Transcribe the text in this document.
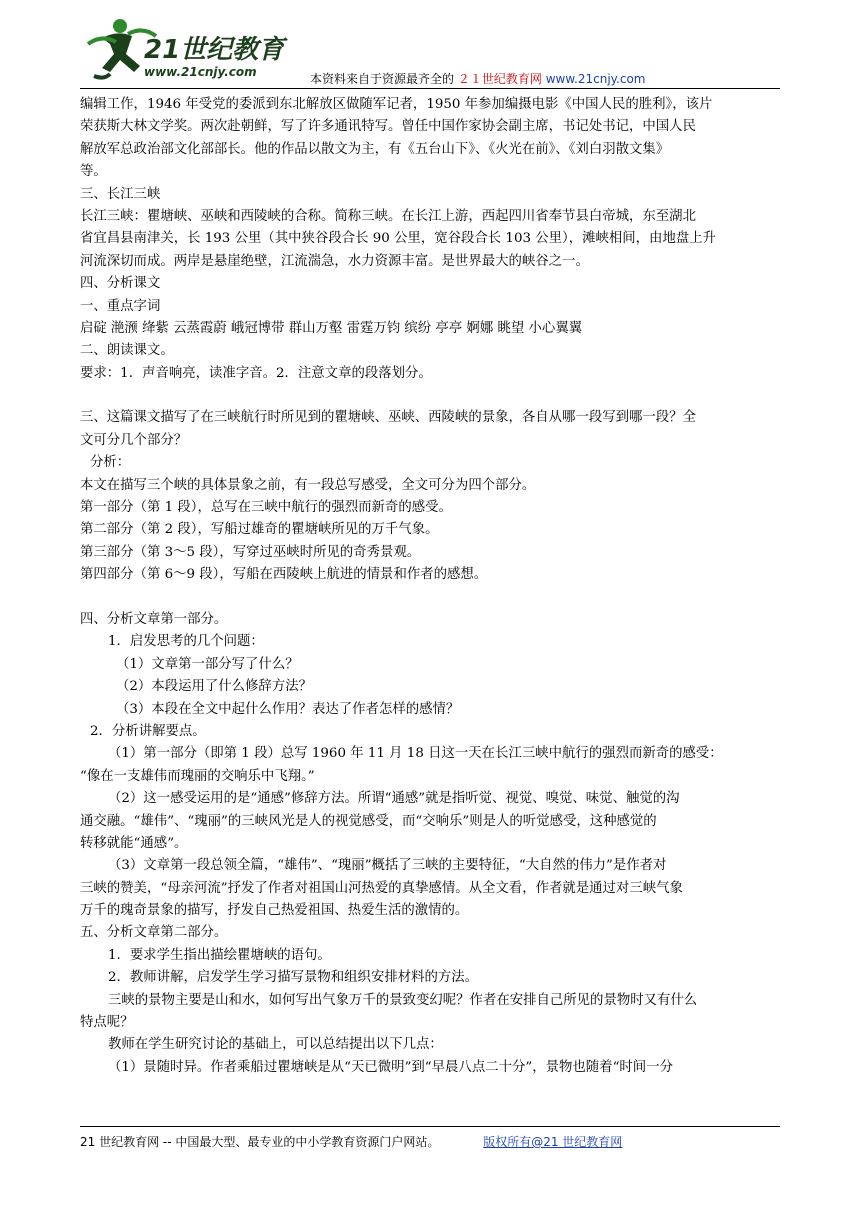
21世纪教育
www.21cnjy.com	本资料来自于资源最齐全的 ２１世纪教育网 www.21cnjy.com
编辑工作，1946 年受党的委派到东北解放区做随军记者，1950 年参加编摄电影《中国人民的胜利》，该片
荣获斯大林文学奖。两次赴朝鲜，写了许多通讯特写。曾任中国作家协会副主席，书记处书记，中国人民
解放军总政治部文化部部长。他的作品以散文为主，有《五台山下》、《火光在前》、《刘白羽散文集》
等。
三、长江三峡
长江三峡：瞿塘峡、巫峡和西陵峡的合称。简称三峡。在长江上游，西起四川省奉节县白帝城，东至湖北
省宜昌县南津关，长 193 公里（其中狭谷段合长 90 公里，宽谷段合长 103 公里），滩峡相间，由地盘上升
河流深切而成。两岸是悬崖绝壁，江流湍急，水力资源丰富。是世界最大的峡谷之一。
四、分析课文
一、重点字词
启碇 滟滪 绛紫 云蒸霞蔚 峨冠博带 群山万壑 雷霆万钧 缤纷 亭亭 婀娜 眺望 小心翼翼
二、朗读课文。
要求：1．声音响亮，读准字音。2．注意文章的段落划分。
三、这篇课文描写了在三峡航行时所见到的瞿塘峡、巫峡、西陵峡的景象，各自从哪一段写到哪一段？全
文可分几个部分？
分析：
本文在描写三个峡的具体景象之前，有一段总写感受，全文可分为四个部分。
第一部分（第 1 段），总写在三峡中航行的强烈而新奇的感受。
第二部分（第 2 段），写船过雄奇的瞿塘峡所见的万千气象。
第三部分（第 3～5 段），写穿过巫峡时所见的奇秀景观。
第四部分（第 6～9 段），写船在西陵峡上航进的情景和作者的感想。
四、分析文章第一部分。
1．启发思考的几个问题：
（1）文章第一部分写了什么？
（2）本段运用了什么修辞方法？
（3）本段在全文中起什么作用？表达了作者怎样的感情？
2．分析讲解要点。
（1）第一部分（即第 1 段）总写 1960 年 11 月 18 日这一天在长江三峡中航行的强烈而新奇的感受：
“像在一支雄伟而瑰丽的交响乐中飞翔。”
（2）这一感受运用的是“通感”修辞方法。所谓“通感”就是指听觉、视觉、嗅觉、味觉、触觉的沟
通交融。“雄伟”、“瑰丽”的三峡风光是人的视觉感受，而“交响乐”则是人的听觉感受，这种感觉的
转移就能“通感”。
（3）文章第一段总领全篇，“雄伟”、“瑰丽”概括了三峡的主要特征，“大自然的伟力”是作者对
三峡的赞美，“母亲河流”抒发了作者对祖国山河热爱的真挚感情。从全文看，作者就是通过对三峡气象
万千的瑰奇景象的描写，抒发自己热爱祖国、热爱生活的激情的。
五、分析文章第二部分。
1．要求学生指出描绘瞿塘峡的语句。
2．教师讲解，启发学生学习描写景物和组织安排材料的方法。
三峡的景物主要是山和水，如何写出气象万千的景致变幻呢？作者在安排自己所见的景物时又有什么
特点呢？
教师在学生研究讨论的基础上，可以总结提出以下几点：
（1）景随时异。作者乘船过瞿塘峡是从“天已微明”到“早晨八点二十分”，景物也随着“时间一分
21 世纪教育网 -- 中国最大型、最专业的中小学教育资源门户网站。	版权所有@21 世纪教育网
